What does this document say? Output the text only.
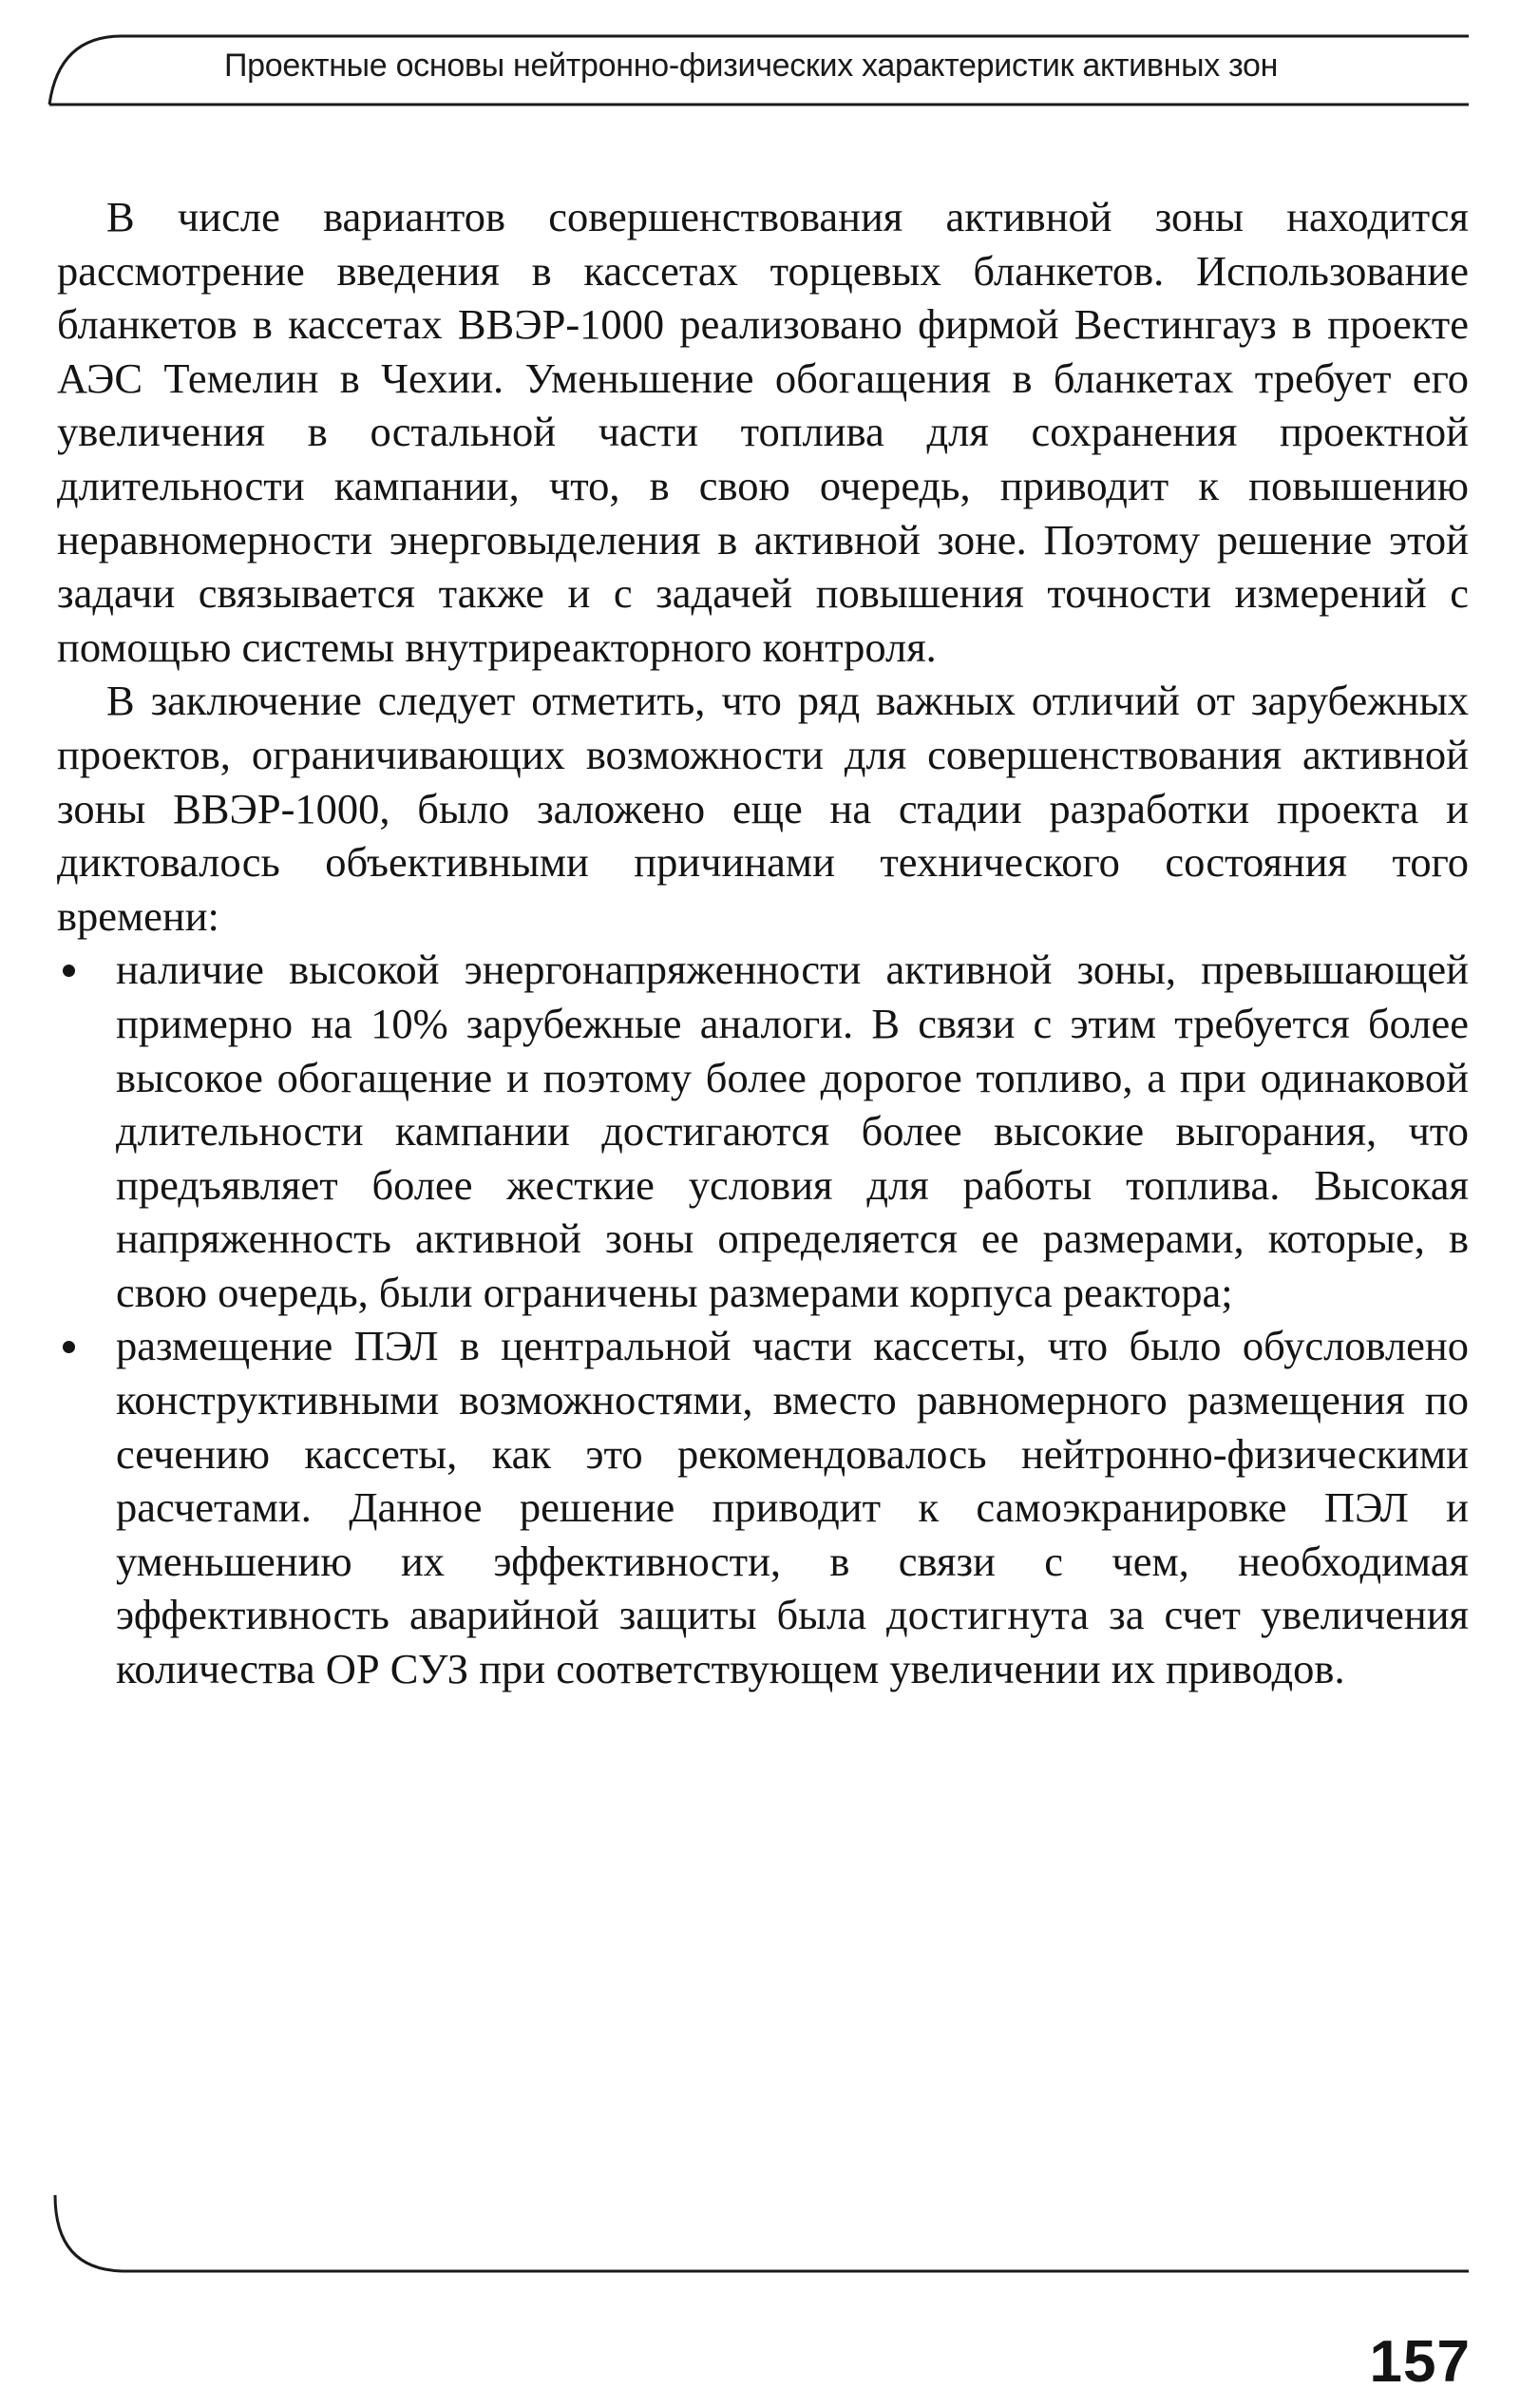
Проектные основы нейтронно-физических характеристик активных зон

В числе вариантов совершенствования активной зоны находится рассмотрение введения в кассетах торцевых бланкетов. Использование бланкетов в кассетах ВВЭР-1000 реализовано фирмой Вестингауз в проекте АЭС Темелин в Чехии. Уменьшение обогащения в бланкетах требует его увеличения в остальной части топлива для сохранения проектной длительности кампании, что, в свою очередь, приводит к повышению неравномерности энерговыделения в активной зоне. Поэтому решение этой задачи связывается также и с задачей повышения точности измерений с помощью системы внутриреакторного контроля.

В заключение следует отметить, что ряд важных отличий от зарубежных проектов, ограничивающих возможности для совершенствования активной зоны ВВЭР-1000, было заложено еще на стадии разработки проекта и диктовалось объективными причинами технического состояния того времени:

наличие высокой энергонапряженности активной зоны, превышающей примерно на 10% зарубежные аналоги. В связи с этим требуется более высокое обогащение и поэтому более дорогое топливо, а при одинаковой длительности кампании достигаются более высокие выгорания, что предъявляет более жесткие условия для работы топлива. Высокая напряженность активной зоны определяется ее размерами, которые, в свою очередь, были ограничены размерами корпуса реактора;
размещение ПЭЛ в центральной части кассеты, что было обусловлено конструктивными возможностями, вместо равномерного размещения по сечению кассеты, как это рекомендовалось нейтронно-физическими расчетами. Данное решение приводит к самоэкранировке ПЭЛ и уменьшению их эффективности, в связи с чем, необходимая эффективность аварийной защиты была достигнута за счет увеличения количества ОР СУЗ при соответствующем увеличении их приводов.
157
